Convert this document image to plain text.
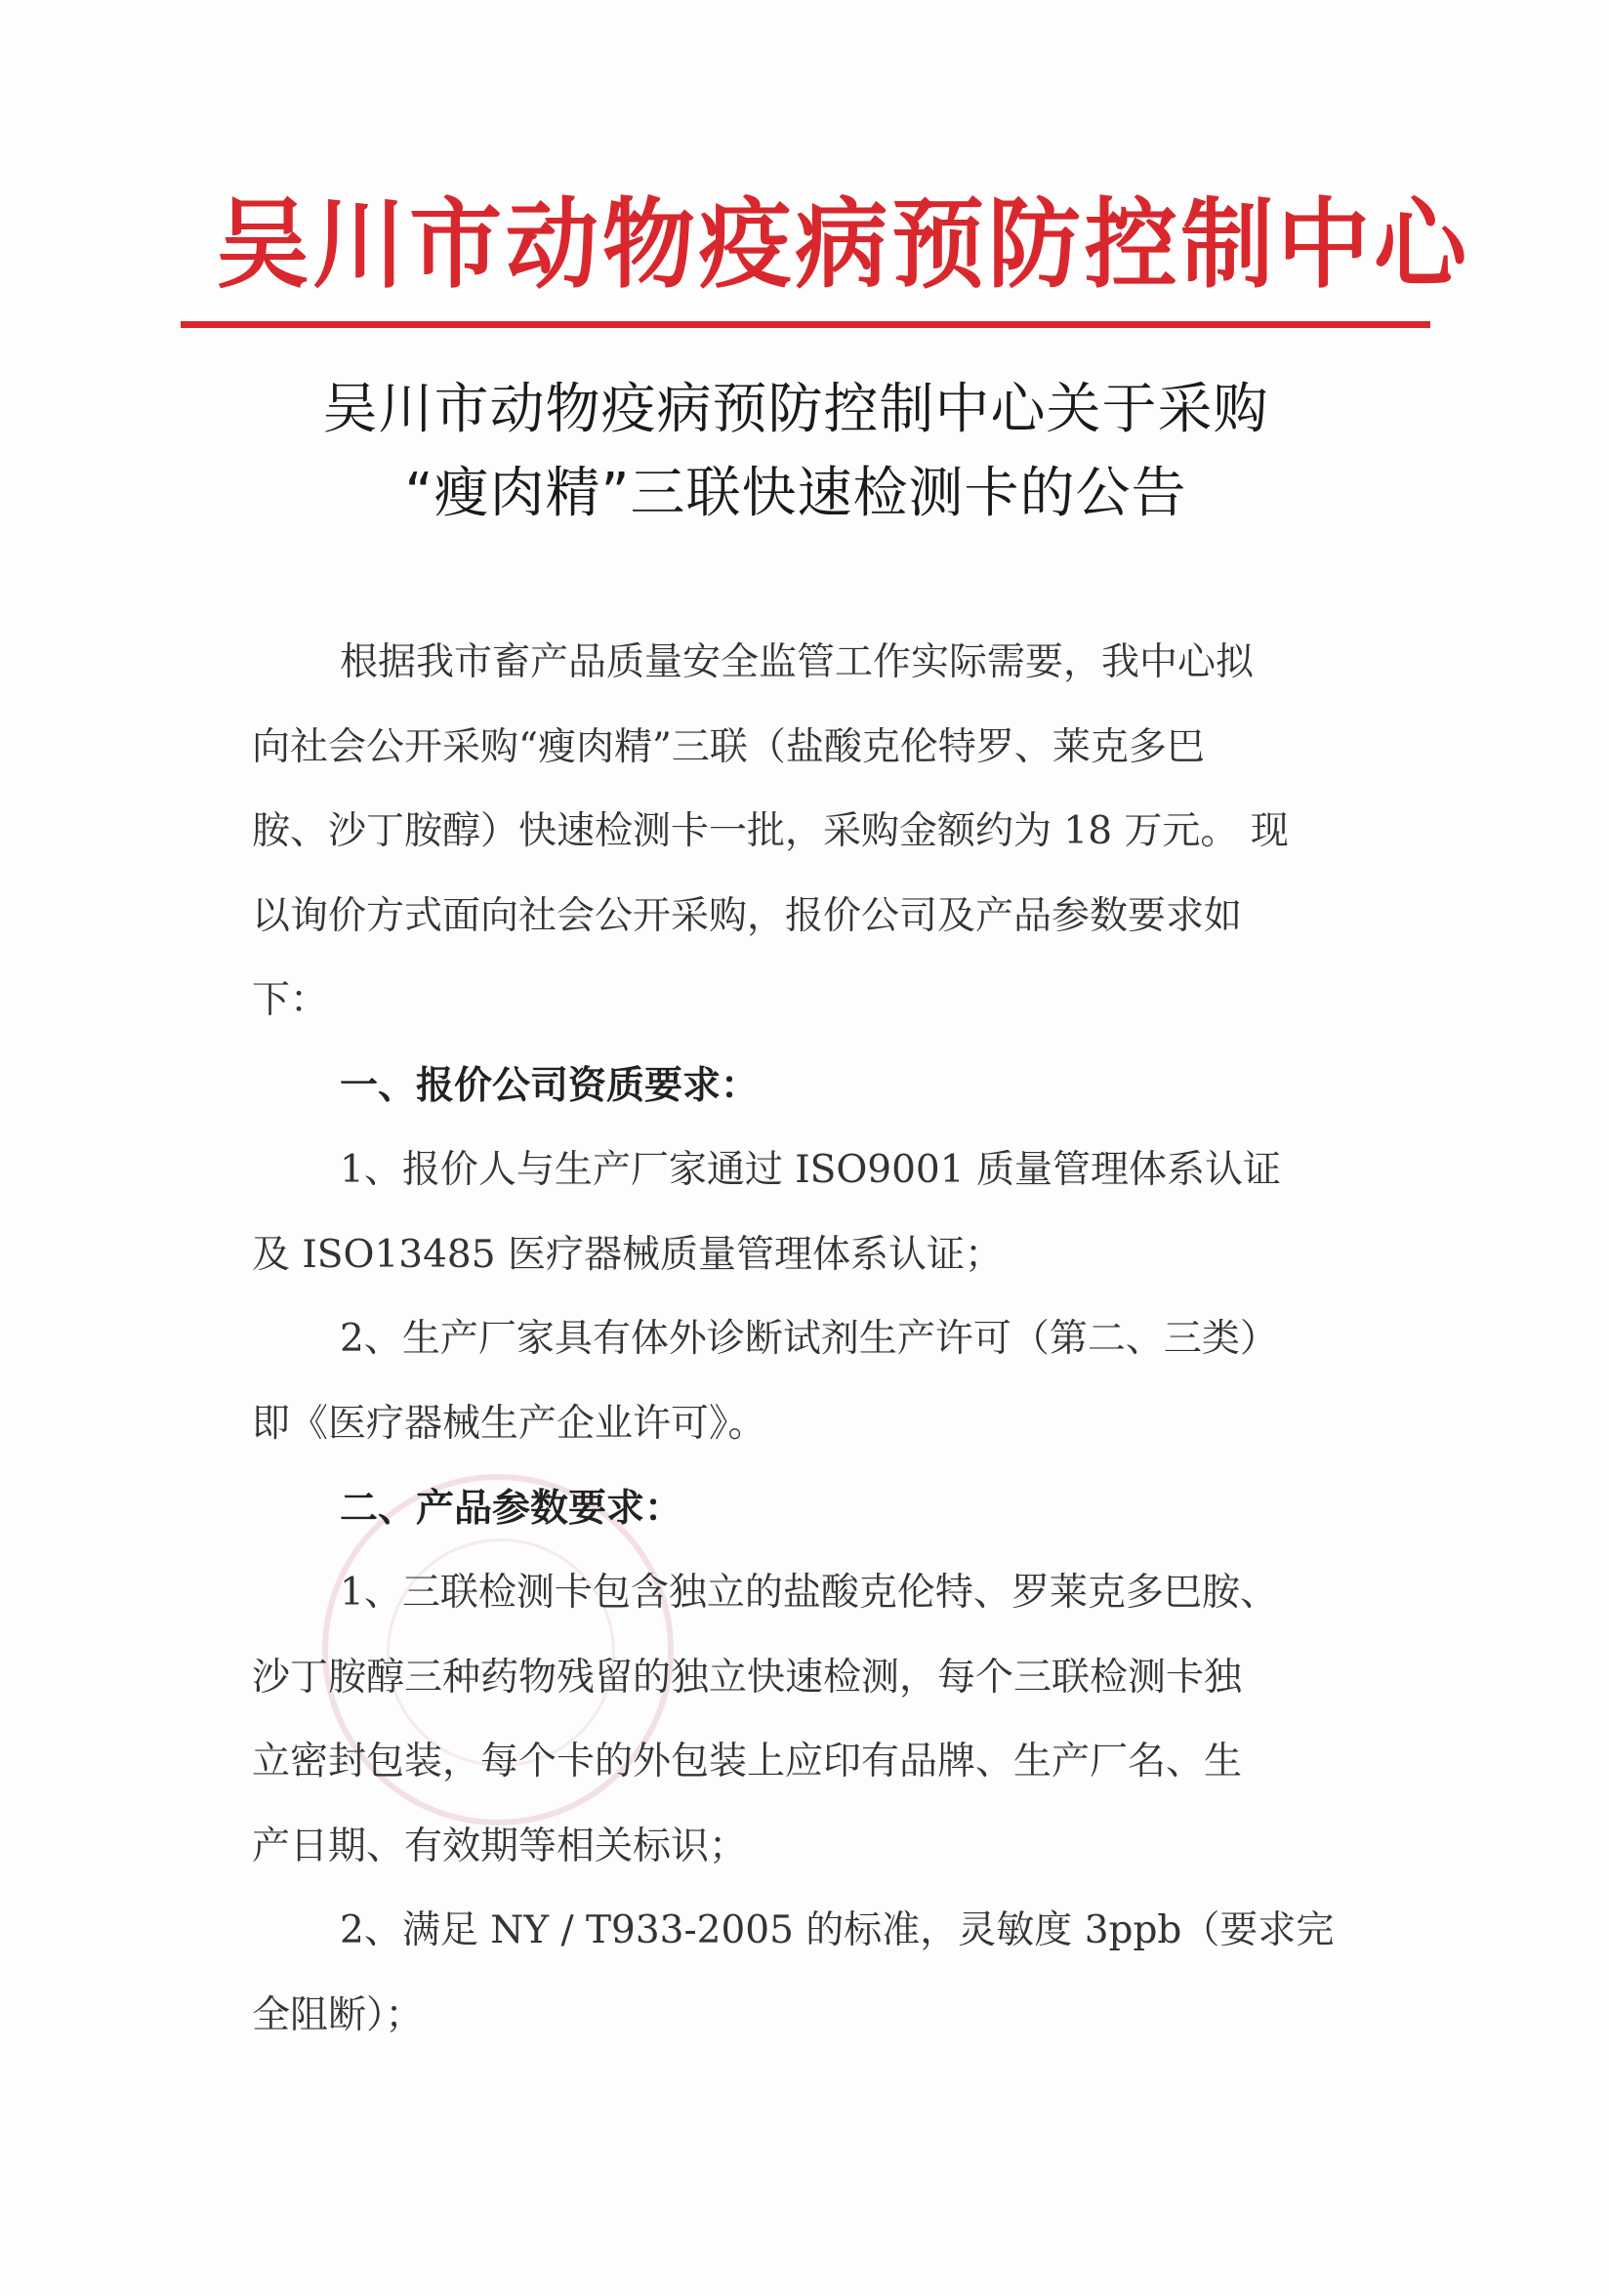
吴川市动物疫病预防控制中心
吴川市动物疫病预防控制中心关于采购
“瘦肉精”三联快速检测卡的公告
根据我市畜产品质量安全监管工作实际需要，我中心拟
向社会公开采购“瘦肉精”三联（盐酸克伦特罗、莱克多巴
胺、沙丁胺醇）快速检测卡一批，采购金额约为 18 万元。 现
以询价方式面向社会公开采购，报价公司及产品参数要求如
下：
一、报价公司资质要求：
1、报价人与生产厂家通过 ISO9001 质量管理体系认证
及 ISO13485 医疗器械质量管理体系认证；
2、生产厂家具有体外诊断试剂生产许可（第二、三类）
即《医疗器械生产企业许可》。
二、产品参数要求：
1、三联检测卡包含独立的盐酸克伦特、罗莱克多巴胺、
沙丁胺醇三种药物残留的独立快速检测，每个三联检测卡独
立密封包装，每个卡的外包装上应印有品牌、生产厂名、生
产日期、有效期等相关标识；
2、满足 NY / T933-2005 的标准，灵敏度 3ppb（要求完
全阻断）；
